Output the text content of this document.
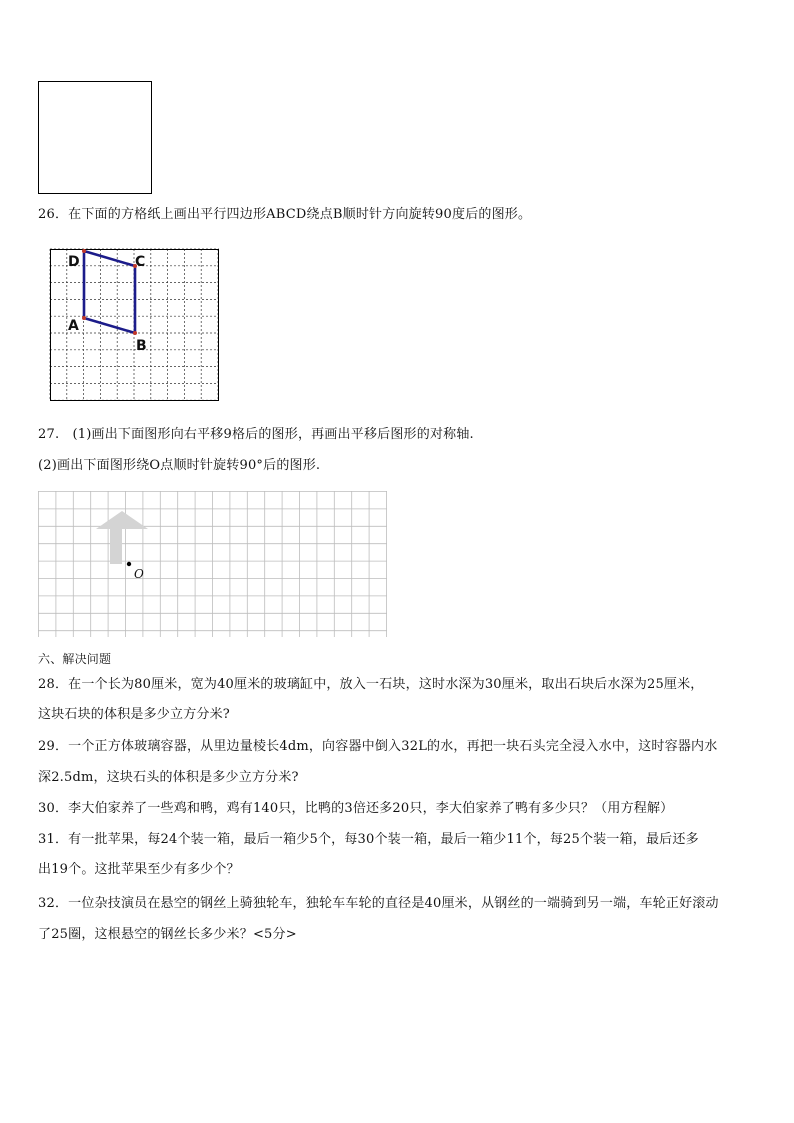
26．在下面的方格纸上画出平行四边形ABCD绕点B顺时针方向旋转90度后的图形。
D	C
A
B
27.　(1)画出下面图形向右平移9格后的图形，再画出平移后图形的对称轴.
(2)画出下面图形绕O点顺时针旋转90°后的图形.
O
六、解决问题
28．在一个长为80厘米，宽为40厘米的玻璃缸中，放入一石块，这时水深为30厘米，取出石块后水深为25厘米，
这块石块的体积是多少立方分米?
29．一个正方体玻璃容器，从里边量棱长4dm，向容器中倒入32L的水，再把一块石头完全浸入水中，这时容器内水
深2.5dm，这块石头的体积是多少立方分米?
30．李大伯家养了一些鸡和鸭，鸡有140只，比鸭的3倍还多20只，李大伯家养了鸭有多少只？（用方程解）
31．有一批苹果，每24个装一箱，最后一箱少5个，每30个装一箱，最后一箱少11个，每25个装一箱，最后还多
出19个。这批苹果至少有多少个？
32．一位杂技演员在悬空的钢丝上骑独轮车，独轮车车轮的直径是40厘米，从钢丝的一端骑到另一端，车轮正好滚动
了25圈，这根悬空的钢丝长多少米？<5分>
